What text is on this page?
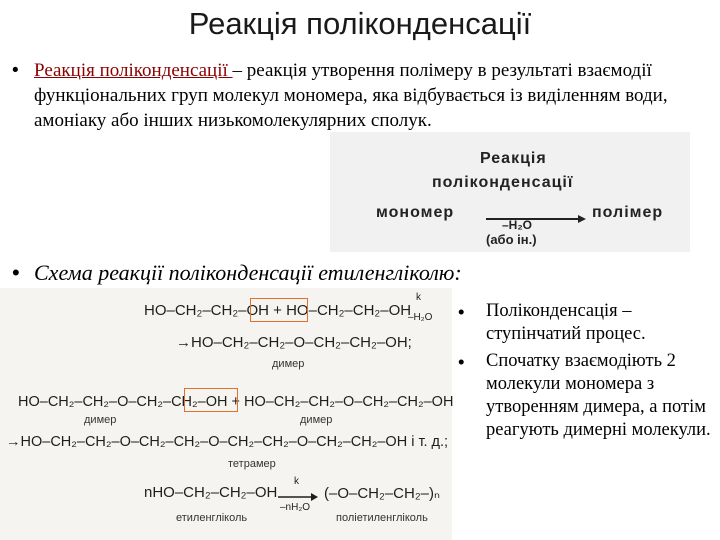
Реакція поліконденсації
• Реакція поліконденсації – реакція утворення полімеру в результаті взаємодії функціональних груп молекул мономера, яка відбувається із виділенням води, амоніаку або інших низькомолекулярних сполук.
Реакція
поліконденсації
мономер
–H₂O
полімер
(або ін.)
• Схема реакції поліконденсації етиленгліколю:
HO–CH₂–CH₂–OH + HO–CH₂–CH₂–OH
k
–H₂O
→HO–CH₂–CH₂–O–CH₂–CH₂–OH;
димер
HO–CH₂–CH₂–O–CH₂–CH₂–OH + HO–CH₂–CH₂–O–CH₂–CH₂–OH
димер	димер
→HO–CH₂–CH₂–O–CH₂–CH₂–O–CH₂–CH₂–O–CH₂–CH₂–OH і т. д.;
тетрамер
nHO–CH₂–CH₂–OH →
k
–nH₂O
(–O–CH₂–CH₂–)ₙ
етиленгліколь	поліетиленгліколь
• Поліконденсація – ступінчатий процес.
• Спочатку взаємодіють 2 молекули мономера з утворенням димера, а потім реагують димерні молекули.
